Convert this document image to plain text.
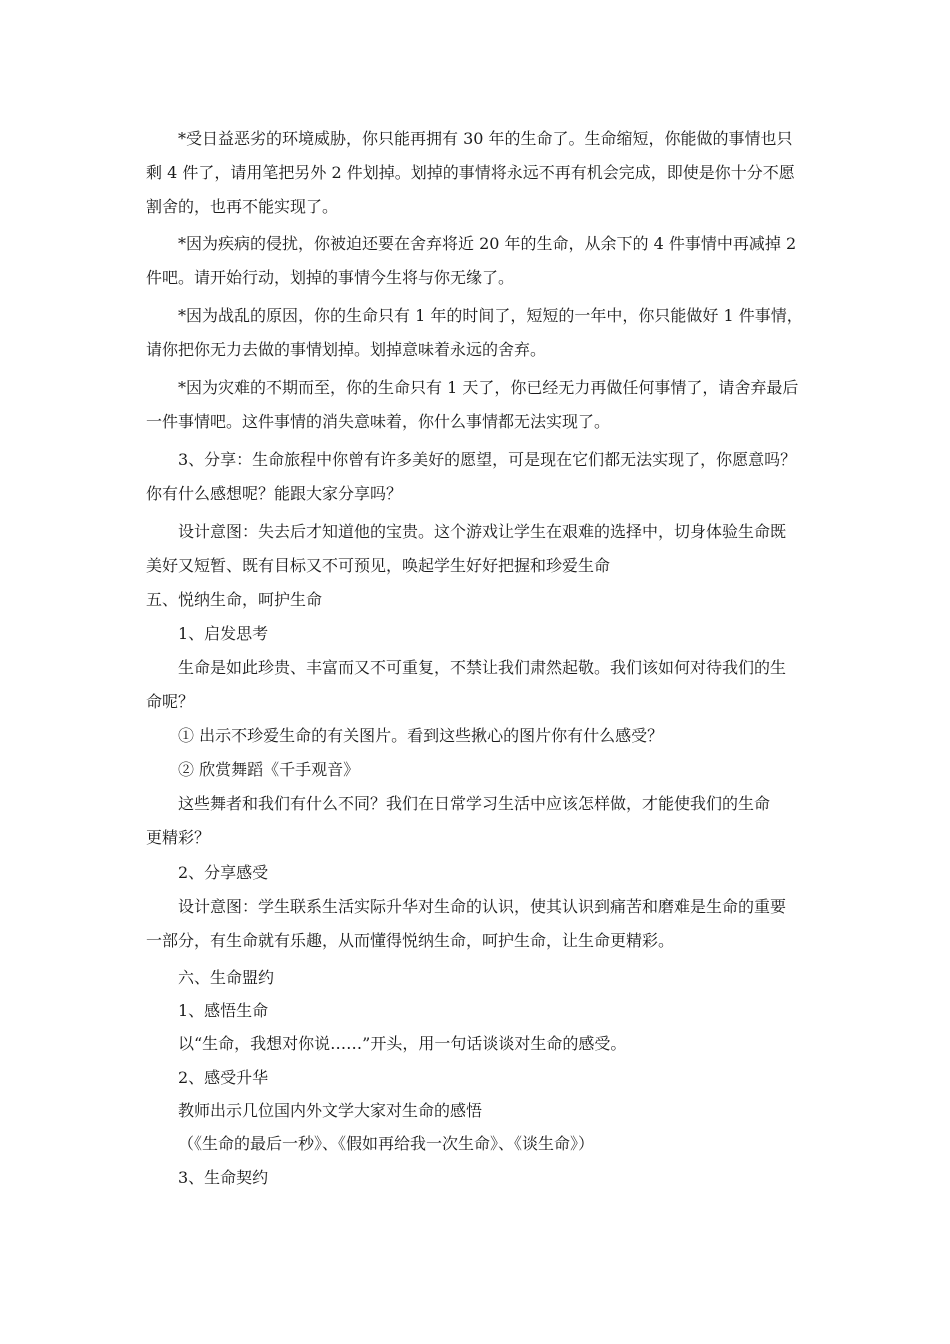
*受日益恶劣的环境威胁，你只能再拥有 30 年的生命了。生命缩短，你能做的事情也只
剩 4 件了，请用笔把另外 2 件划掉。划掉的事情将永远不再有机会完成，即使是你十分不愿
割舍的，也再不能实现了。
*因为疾病的侵扰，你被迫还要在舍弃将近 20 年的生命，从余下的 4 件事情中再减掉 2
件吧。请开始行动，划掉的事情今生将与你无缘了。
*因为战乱的原因，你的生命只有 1 年的时间了，短短的一年中，你只能做好 1 件事情，
请你把你无力去做的事情划掉。划掉意味着永远的舍弃。
*因为灾难的不期而至，你的生命只有 1 天了，你已经无力再做任何事情了，请舍弃最后
一件事情吧。这件事情的消失意味着，你什么事情都无法实现了。
3、分享：生命旅程中你曾有许多美好的愿望，可是现在它们都无法实现了，你愿意吗？
你有什么感想呢？能跟大家分享吗？
设计意图：失去后才知道他的宝贵。这个游戏让学生在艰难的选择中，切身体验生命既
美好又短暂、既有目标又不可预见，唤起学生好好把握和珍爱生命
五、悦纳生命，呵护生命
1、启发思考
生命是如此珍贵、丰富而又不可重复，不禁让我们肃然起敬。我们该如何对待我们的生
命呢？
① 出示不珍爱生命的有关图片。看到这些揪心的图片你有什么感受？
② 欣赏舞蹈《千手观音》
这些舞者和我们有什么不同？我们在日常学习生活中应该怎样做，才能使我们的生命
更精彩？
2、分享感受
设计意图：学生联系生活实际升华对生命的认识，使其认识到痛苦和磨难是生命的重要
一部分，有生命就有乐趣，从而懂得悦纳生命，呵护生命，让生命更精彩。
六、生命盟约
1、感悟生命
以“生命，我想对你说……”开头，用一句话谈谈对生命的感受。
2、感受升华
教师出示几位国内外文学大家对生命的感悟
（《生命的最后一秒》、《假如再给我一次生命》、《谈生命》）
3、生命契约
